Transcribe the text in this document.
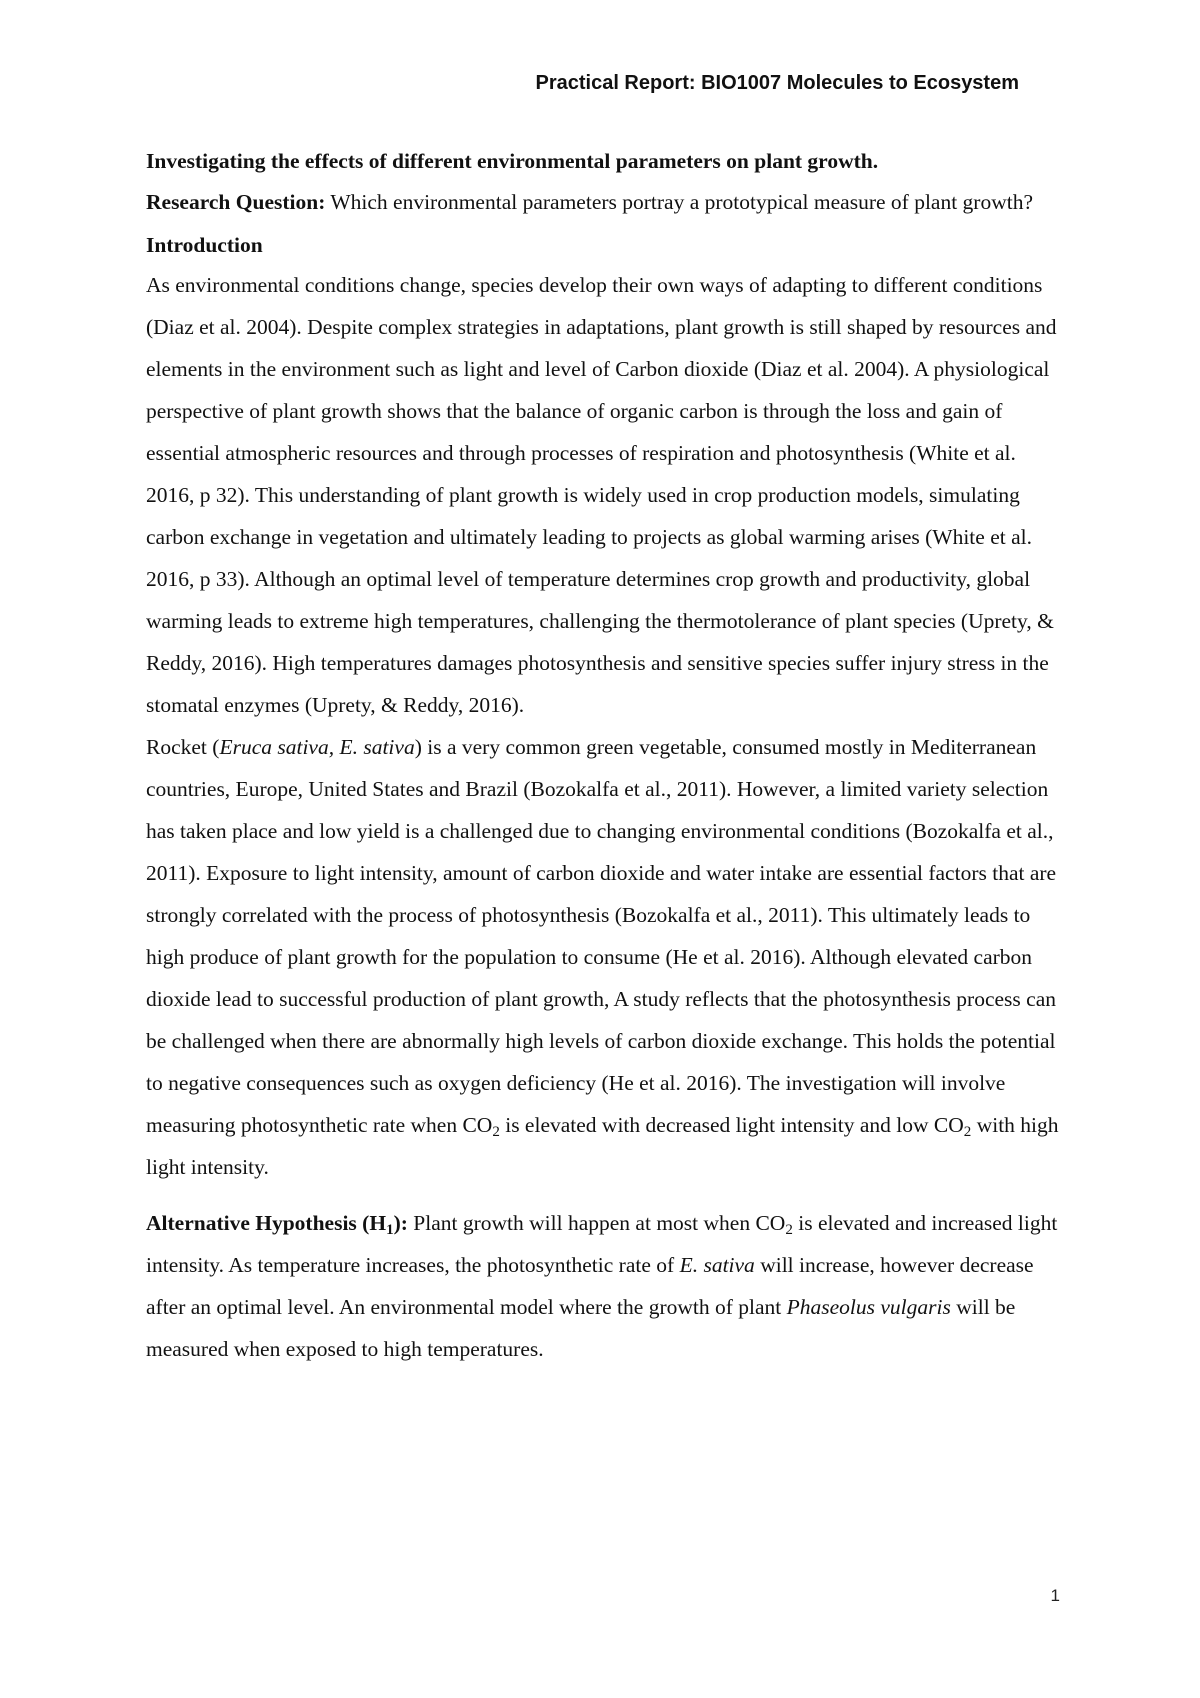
Practical Report: BIO1007 Molecules to Ecosystem

Investigating the effects of different environmental parameters on plant growth.

Research Question: Which environmental parameters portray a prototypical measure of plant growth?

Introduction

As environmental conditions change, species develop their own ways of adapting to different conditions (Diaz et al. 2004). Despite complex strategies in adaptations, plant growth is still shaped by resources and elements in the environment such as light and level of Carbon dioxide (Diaz et al. 2004). A physiological perspective of plant growth shows that the balance of organic carbon is through the loss and gain of essential atmospheric resources and through processes of respiration and photosynthesis (White et al. 2016, p 32). This understanding of plant growth is widely used in crop production models, simulating carbon exchange in vegetation and ultimately leading to projects as global warming arises (White et al. 2016, p 33). Although an optimal level of temperature determines crop growth and productivity, global warming leads to extreme high temperatures, challenging the thermotolerance of plant species (Uprety, & Reddy, 2016). High temperatures damages photosynthesis and sensitive species suffer injury stress in the stomatal enzymes (Uprety, & Reddy, 2016).

Rocket (Eruca sativa, E. sativa) is a very common green vegetable, consumed mostly in Mediterranean countries, Europe, United States and Brazil (Bozokalfa et al., 2011). However, a limited variety selection has taken place and low yield is a challenged due to changing environmental conditions (Bozokalfa et al., 2011). Exposure to light intensity, amount of carbon dioxide and water intake are essential factors that are strongly correlated with the process of photosynthesis (Bozokalfa et al., 2011). This ultimately leads to high produce of plant growth for the population to consume (He et al. 2016). Although elevated carbon dioxide lead to successful production of plant growth, A study reflects that the photosynthesis process can be challenged when there are abnormally high levels of carbon dioxide exchange. This holds the potential to negative consequences such as oxygen deficiency (He et al. 2016). The investigation will involve measuring photosynthetic rate when $CO_2$ is elevated with decreased light intensity and low $CO_2$ with high light intensity.

Alternative Hypothesis $(H_1)$: Plant growth will happen at most when $CO_2$ is elevated and increased light intensity. As temperature increases, the photosynthetic rate of E. sativa will increase, however decrease after an optimal level. An environmental model where the growth of plant Phaseolus vulgaris will be measured when exposed to high temperatures.

1
